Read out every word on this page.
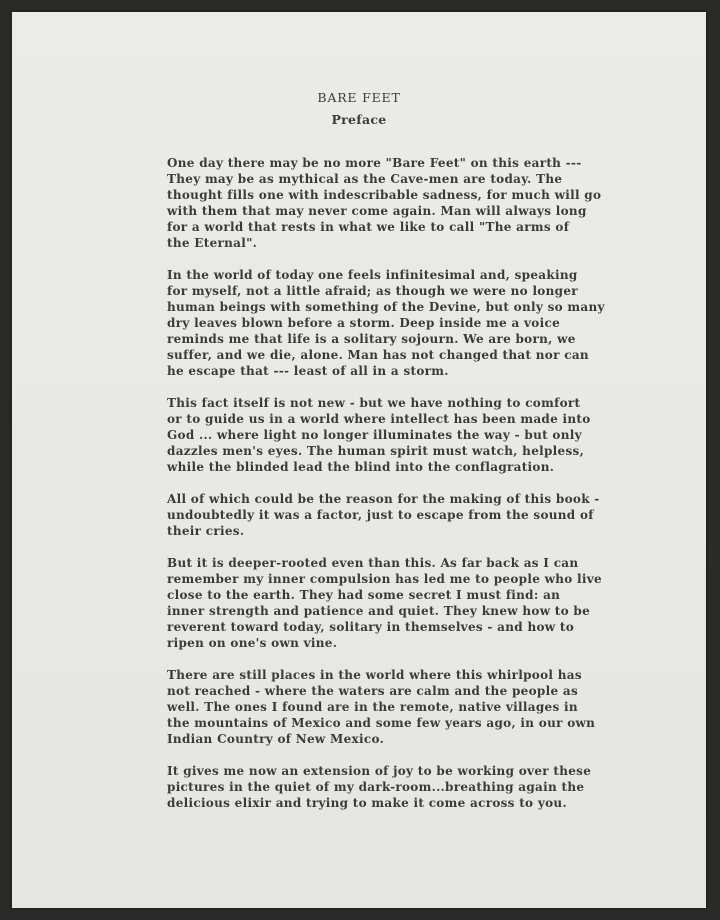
BARE FEET
Preface

One day there may be no more "Bare Feet" on this earth ---
They may be as mythical as the Cave-men are today. The
thought fills one with indescribable sadness, for much will go
with them that may never come again. Man will always long
for a world that rests in what we like to call "The arms of
the Eternal".

In the world of today one feels infinitesimal and, speaking
for myself, not a little afraid; as though we were no longer
human beings with something of the Devine, but only so many
dry leaves blown before a storm. Deep inside me a voice
reminds me that life is a solitary sojourn. We are born, we
suffer, and we die, alone. Man has not changed that nor can
he escape that --- least of all in a storm.

This fact itself is not new - but we have nothing to comfort
or to guide us in a world where intellect has been made into
God ... where light no longer illuminates the way - but only
dazzles men's eyes. The human spirit must watch, helpless,
while the blinded lead the blind into the conflagration.

All of which could be the reason for the making of this book -
undoubtedly it was a factor, just to escape from the sound of
their cries.

But it is deeper-rooted even than this. As far back as I can
remember my inner compulsion has led me to people who live
close to the earth. They had some secret I must find: an
inner strength and patience and quiet. They knew how to be
reverent toward today, solitary in themselves - and how to
ripen on one's own vine.

There are still places in the world where this whirlpool has
not reached - where the waters are calm and the people as
well. The ones I found are in the remote, native villages in
the mountains of Mexico and some few years ago, in our own
Indian Country of New Mexico.

It gives me now an extension of joy to be working over these
pictures in the quiet of my dark-room...breathing again the
delicious elixir and trying to make it come across to you.
